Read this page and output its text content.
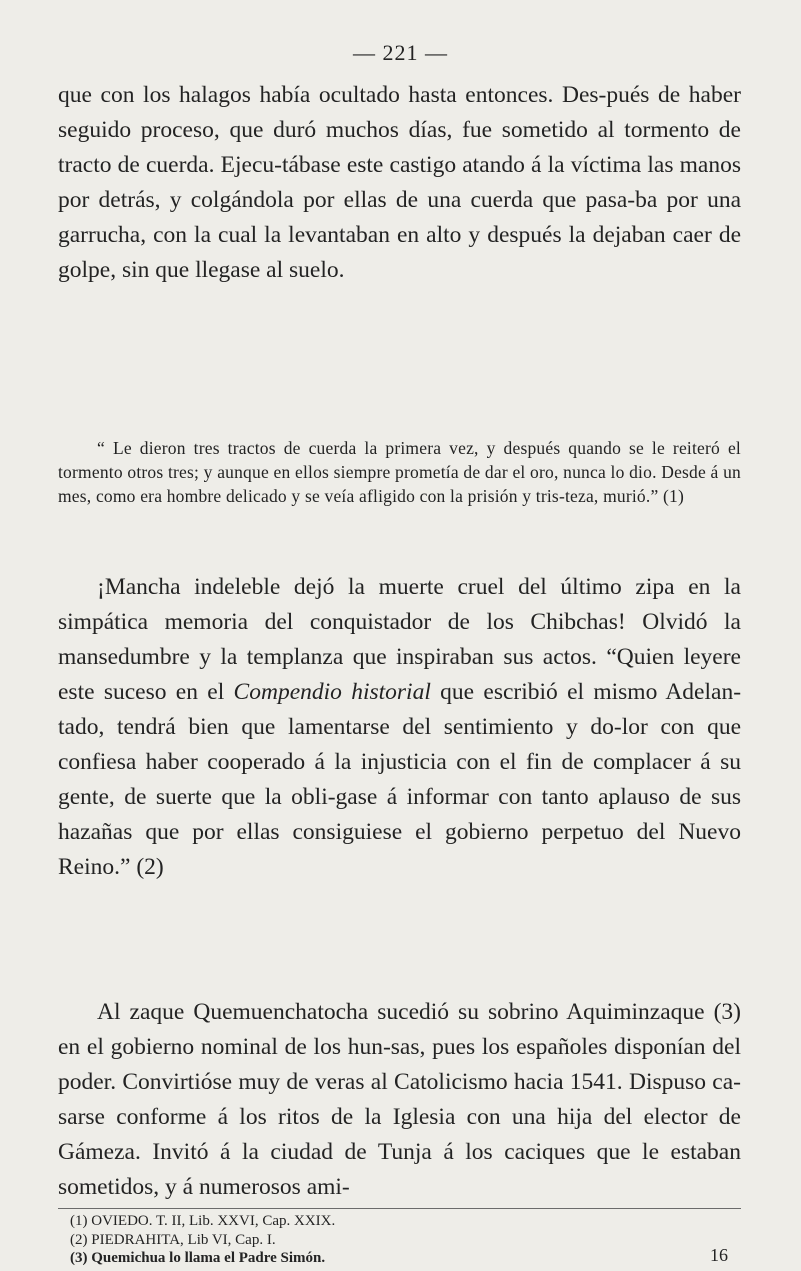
— 221 —

que con los halagos había ocultado hasta entonces. Des-pués de haber seguido proceso, que duró muchos días, fue sometido al tormento de tracto de cuerda. Ejecu-tábase este castigo atando á la víctima las manos por detrás, y colgándola por ellas de una cuerda que pasa-ba por una garrucha, con la cual la levantaban en alto y después la dejaban caer de golpe, sin que llegase al suelo.

“ Le dieron tres tractos de cuerda la primera vez, y después quando se le reiteró el tormento otros tres; y aunque en ellos siempre prometía de dar el oro, nunca lo dio. Desde á un mes, como era hombre delicado y se veía afligido con la prisión y tris-teza, murió.” (1)

¡Mancha indeleble dejó la muerte cruel del último zipa en la simpática memoria del conquistador de los Chibchas! Olvidó la mansedumbre y la templanza que inspiraban sus actos. “Quien leyere este suceso en el Compendio historial que escribió el mismo Adelan-tado, tendrá bien que lamentarse del sentimiento y do-lor con que confiesa haber cooperado á la injusticia con el fin de complacer á su gente, de suerte que la obli-gase á informar con tanto aplauso de sus hazañas que por ellas consiguiese el gobierno perpetuo del Nuevo Reino.” (2)

Al zaque Quemuenchatocha sucedió su sobrino Aquiminzaque (3) en el gobierno nominal de los hun-sas, pues los españoles disponían del poder. Convirtióse muy de veras al Catolicismo hacia 1541. Dispuso ca-sarse conforme á los ritos de la Iglesia con una hija del elector de Gámeza. Invitó á la ciudad de Tunja á los caciques que le estaban sometidos, y á numerosos ami-

(1) OVIEDO. T. II, Lib. XXVI, Cap. XXIX.

(2) PIEDRAHITA, Lib VI, Cap. I.

(3) Quemichua lo llama el Padre Simón.	16
